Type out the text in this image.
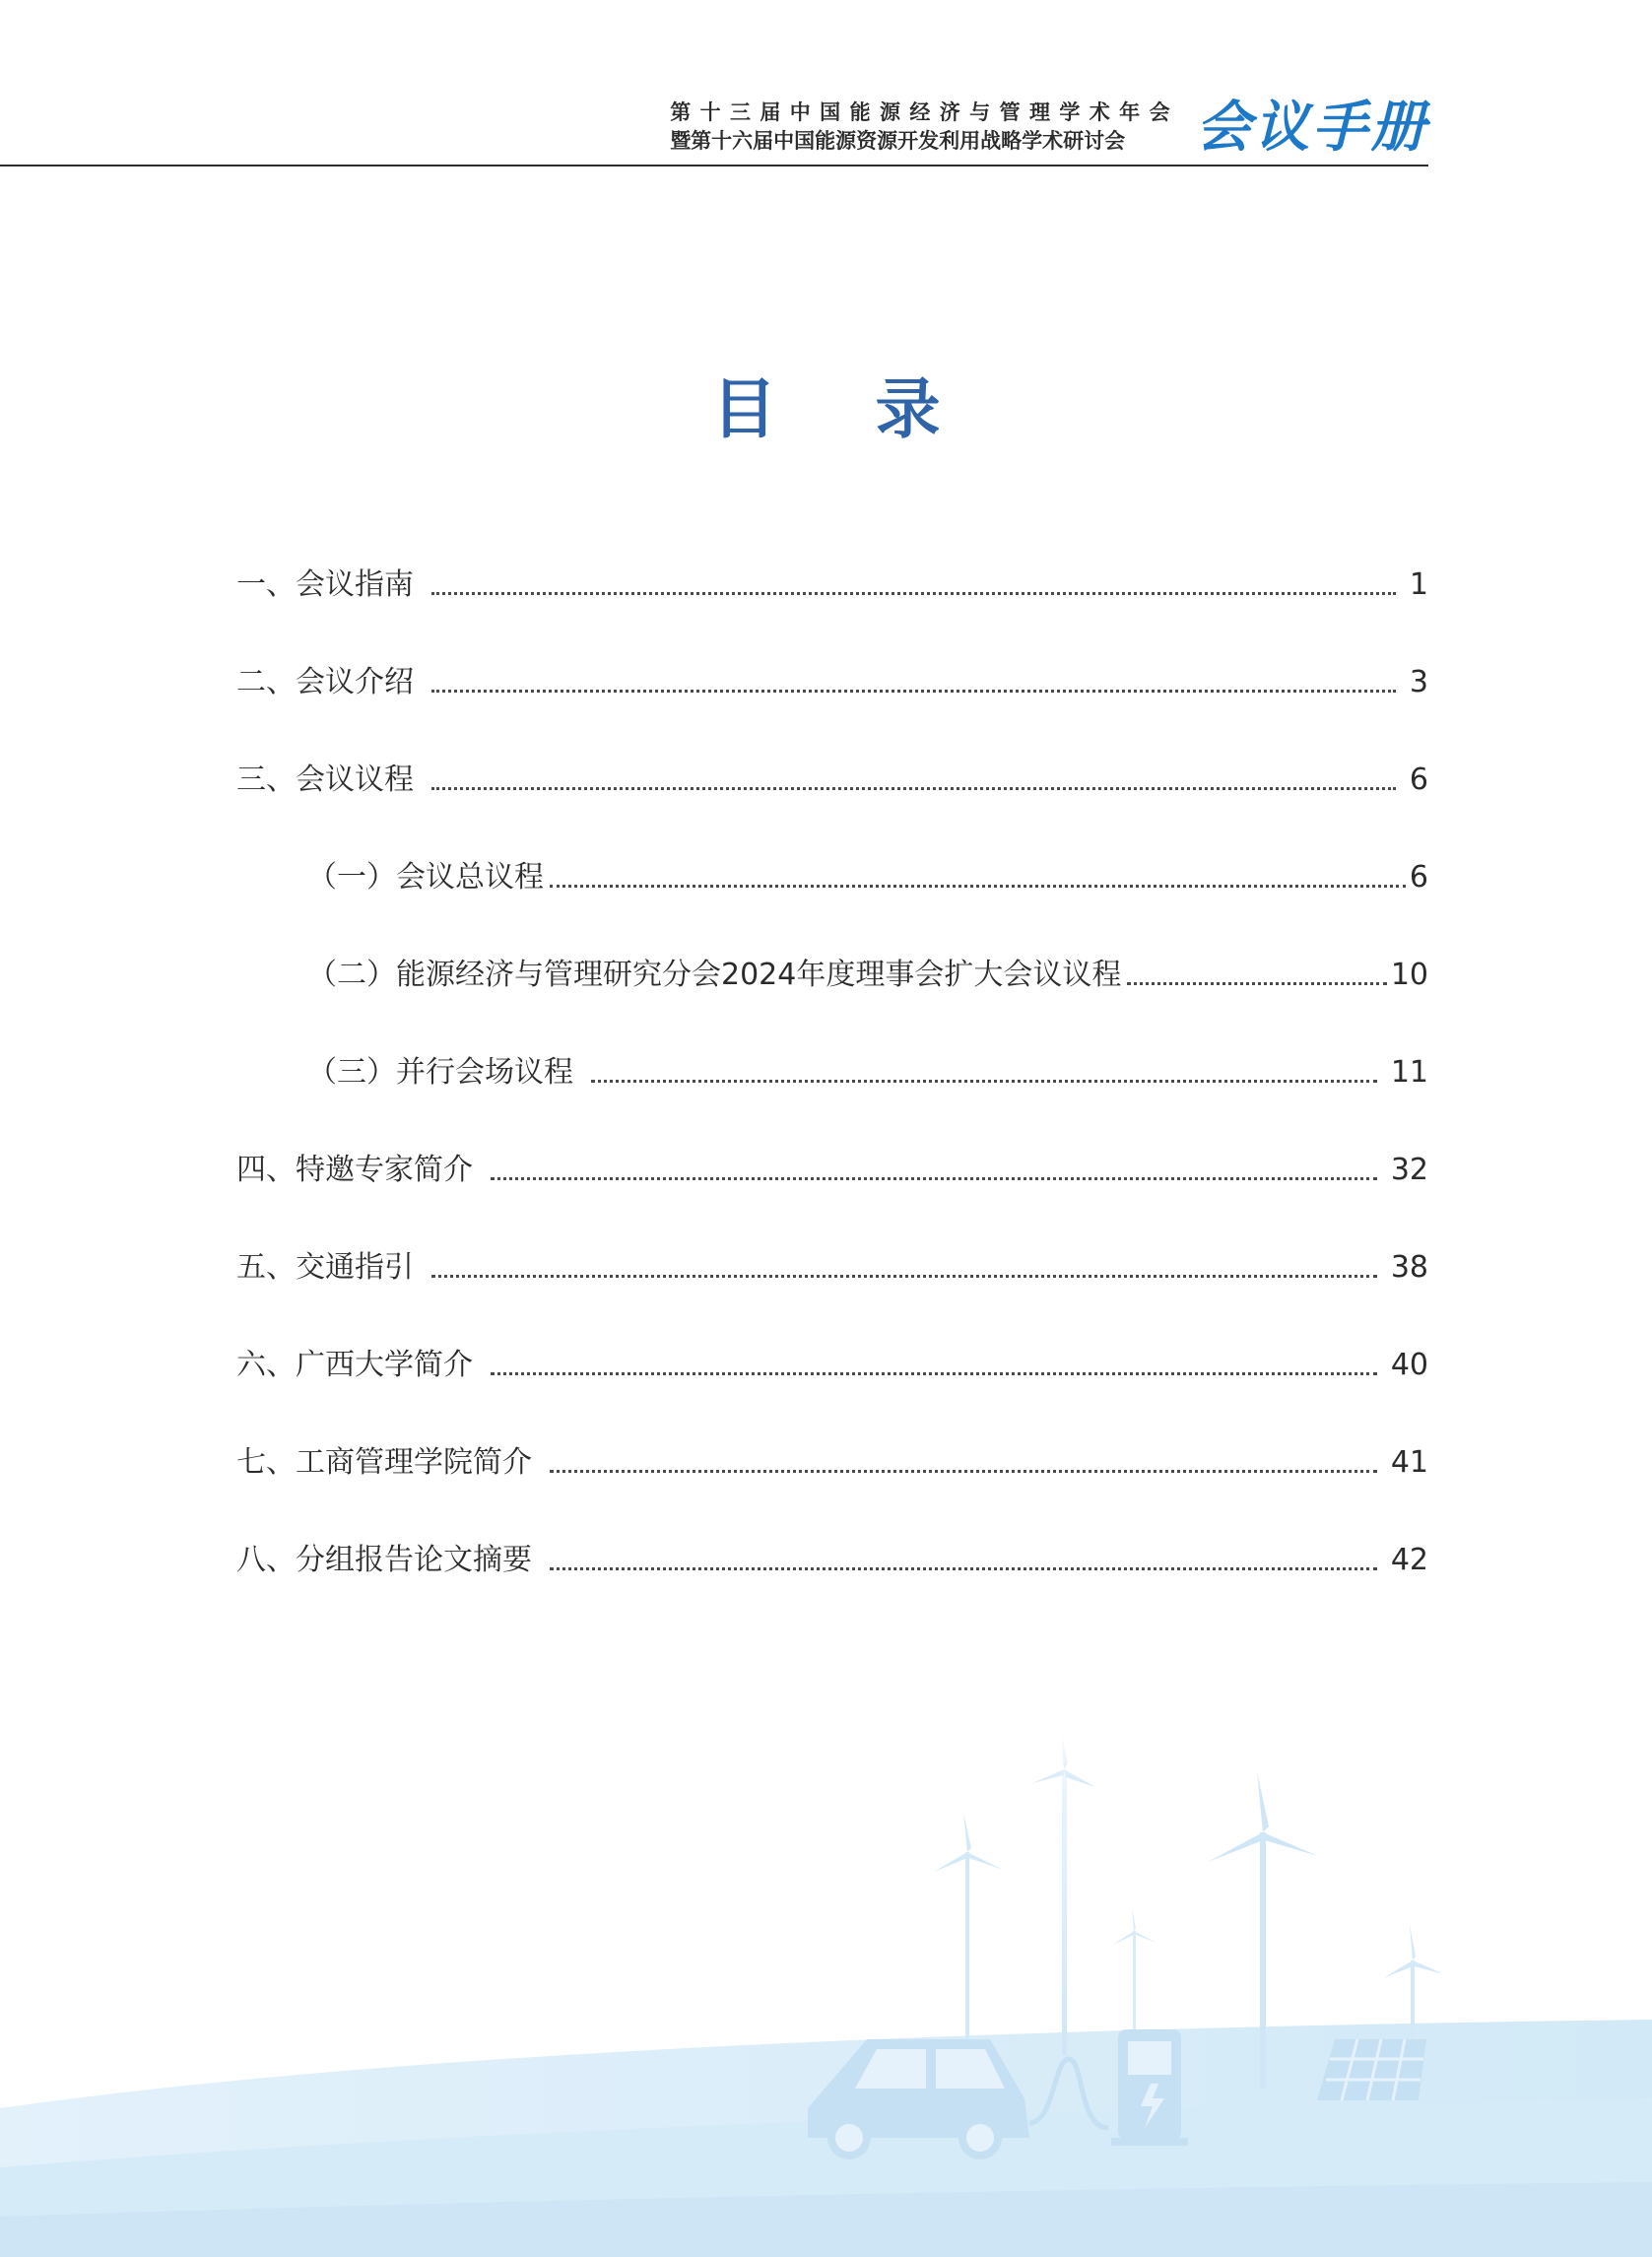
第十三届中国能源经济与管理学术年会
暨第十六届中国能源资源开发利用战略学术研讨会	会议手册
目 录
一、会议指南	1
二、会议介绍	3
三、会议议程	6
（一）会议总议程	6
（二）能源经济与管理研究分会2024年度理事会扩大会议议程	10
（三）并行会场议程	11
四、特邀专家简介	32
五、交通指引	38
六、广西大学简介	40
七、工商管理学院简介	41
八、分组报告论文摘要	42
